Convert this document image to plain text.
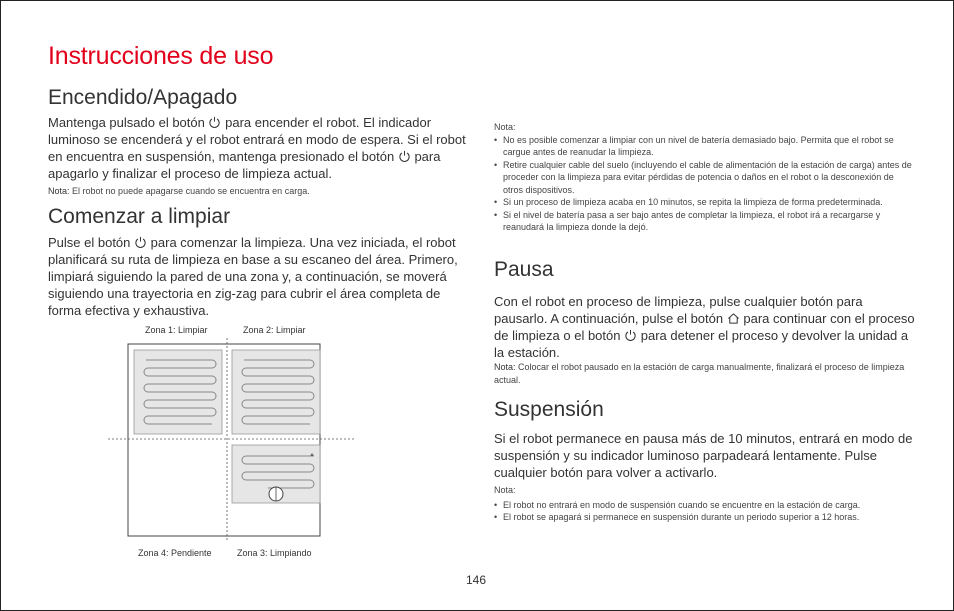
Instrucciones de uso
Encendido/Apagado
Mantenga pulsado el botón para encender el robot. El indicador luminoso se encenderá y el robot entrará en modo de espera. Si el robot en encuentra en suspensión, mantenga presionado el botón para apagarlo y finalizar el proceso de limpieza actual.
Nota: El robot no puede apagarse cuando se encuentra en carga.
Comenzar a limpiar
Pulse el botón para comenzar la limpieza. Una vez iniciada, el robot planificará su ruta de limpieza en base a su escaneo del área. Primero, limpiará siguiendo la pared de una zona y, a continuación, se moverá siguiendo una trayectoria en zig-zag para cubrir el área completa de forma efectiva y exhaustiva.
Zona 1: Limpiar	Zona 2: Limpiar
Zona 4: Pendiente	Zona 3: Limpiando
Nota:
• No es posible comenzar a limpiar con un nivel de batería demasiado bajo. Permita que el robot se cargue antes de reanudar la limpieza.
• Retire cualquier cable del suelo (incluyendo el cable de alimentación de la estación de carga) antes de proceder con la limpieza para evitar pérdidas de potencia o daños en el robot o la desconexión de otros dispositivos.
• Si un proceso de limpieza acaba en 10 minutos, se repita la limpieza de forma predeterminada.
• Si el nivel de batería pasa a ser bajo antes de completar la limpieza, el robot irá a recargarse y reanudará la limpieza donde la dejó.
Pausa
Con el robot en proceso de limpieza, pulse cualquier botón para pausarlo. A continuación, pulse el botón para continuar con el proceso de limpieza o el botón para detener el proceso y devolver la unidad a la estación.
Nota: Colocar el robot pausado en la estación de carga manualmente, finalizará el proceso de limpieza actual.
Suspensión
Si el robot permanece en pausa más de 10 minutos, entrará en modo de suspensión y su indicador luminoso parpadeará lentamente. Pulse cualquier botón para volver a activarlo.
Nota:
• El robot no entrará en modo de suspensión cuando se encuentre en la estación de carga.
• El robot se apagará si permanece en suspensión durante un periodo superior a 12 horas.
146
